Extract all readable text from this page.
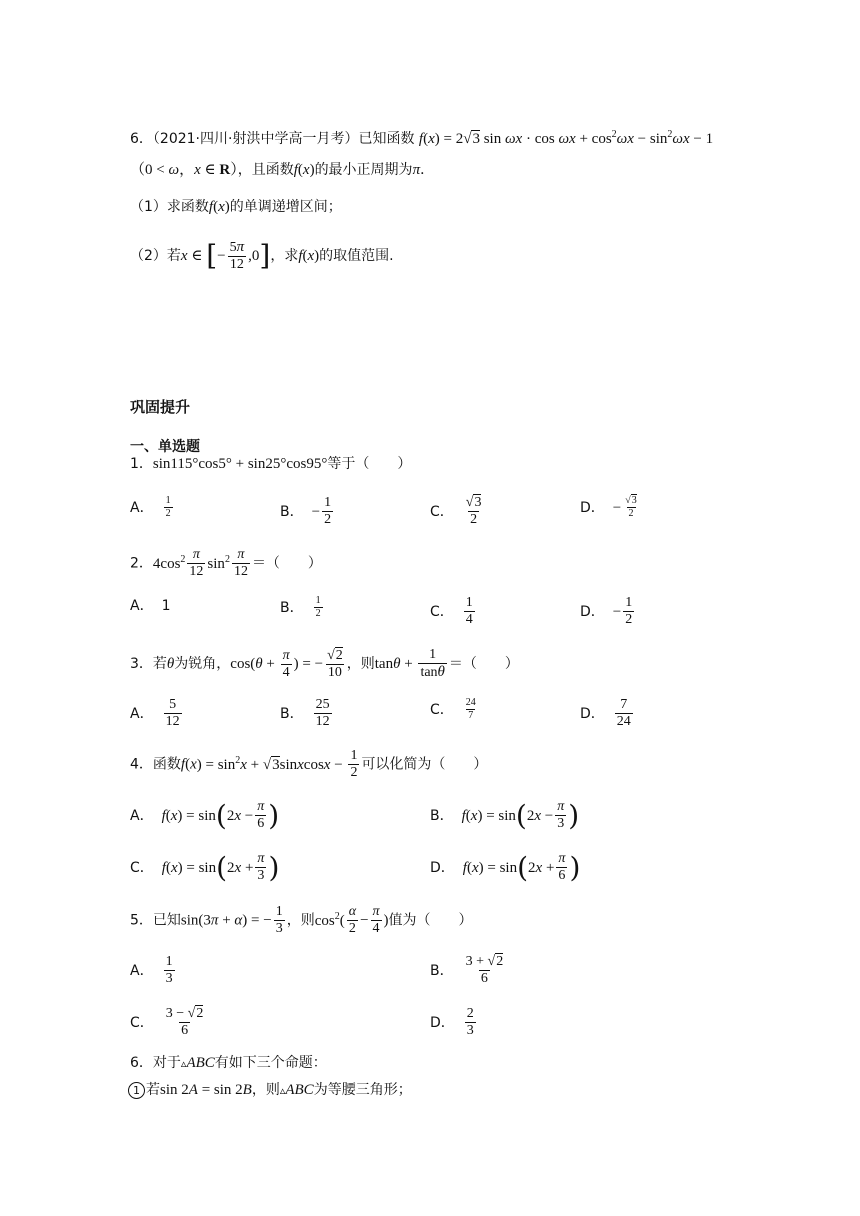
6．（2021·四川·射洪中学高一月考）已知函数 f(x) = 2√3 $\sin \omega x \cdot \cos \omega x + \cos^2\omega x - \sin^2\omega x - 1$
（0 < ω，x ∈ R），且函数f(x)的最小正周期为π．
（1）求函数f(x)的单调递增区间；
（2）若x ∈ [− $\frac{5\pi}{12} ,0$]，求f(x)的取值范围.
巩固提升
一、单选题
1．sin115°cos5° + sin25°cos95°等于（　　）
A． $\frac{1}{2}$	B． − $\frac{1}{2}$	C． $\frac{√3}{2}$	D． − $\frac{√3}{2}$
2．$4\cos^2 \frac{\pi}{12} \sin^2 \frac{\pi}{12}$ ＝（　　）
A． 1	B． $\frac{1}{2}$	C． $\frac{1}{4}$	D． − $\frac{1}{2}$
3．若θ为锐角，$\cos(\theta + \frac{\pi}{4}$ ) = − $\frac{√2}{10}$ ，则$\tan\theta + \frac{1}{\tan\theta}$ ＝（　　）
A． $\frac{5}{12}$	B． $\frac{25}{12}$	C． $\frac{24}{7}$	D． $\frac{7}{24}$
4．函数$f(x) = \sin^2x$ + √3sinxcosx − $\frac{1}{2}$ 可以化简为（　　）
A． f ( x ) = sin ( $2x - \frac{\pi}{6}$ )	B． f ( x ) = sin ( $2x - \frac{\pi}{3}$ )
C． f ( x ) = sin ( $2x + \frac{\pi}{3}$ )	D． f ( x ) = sin ( $2x + \frac{\pi}{6}$ )
5．已知sin(3π + α) = − $\frac{1}{3}$ ，则$\cos^2( \frac{\alpha}{2} - \frac{\pi}{4}$ )值为（　　）
A． $\frac{1}{3}$	B． $\frac{3 + √2}{6}$
C． $\frac{3 - √2}{6}$	D． $\frac{2}{3}$
6．对于▵ABC有如下三个命题：
1 若sin 2A = sin 2B，则▵ABC为等腰三角形；
